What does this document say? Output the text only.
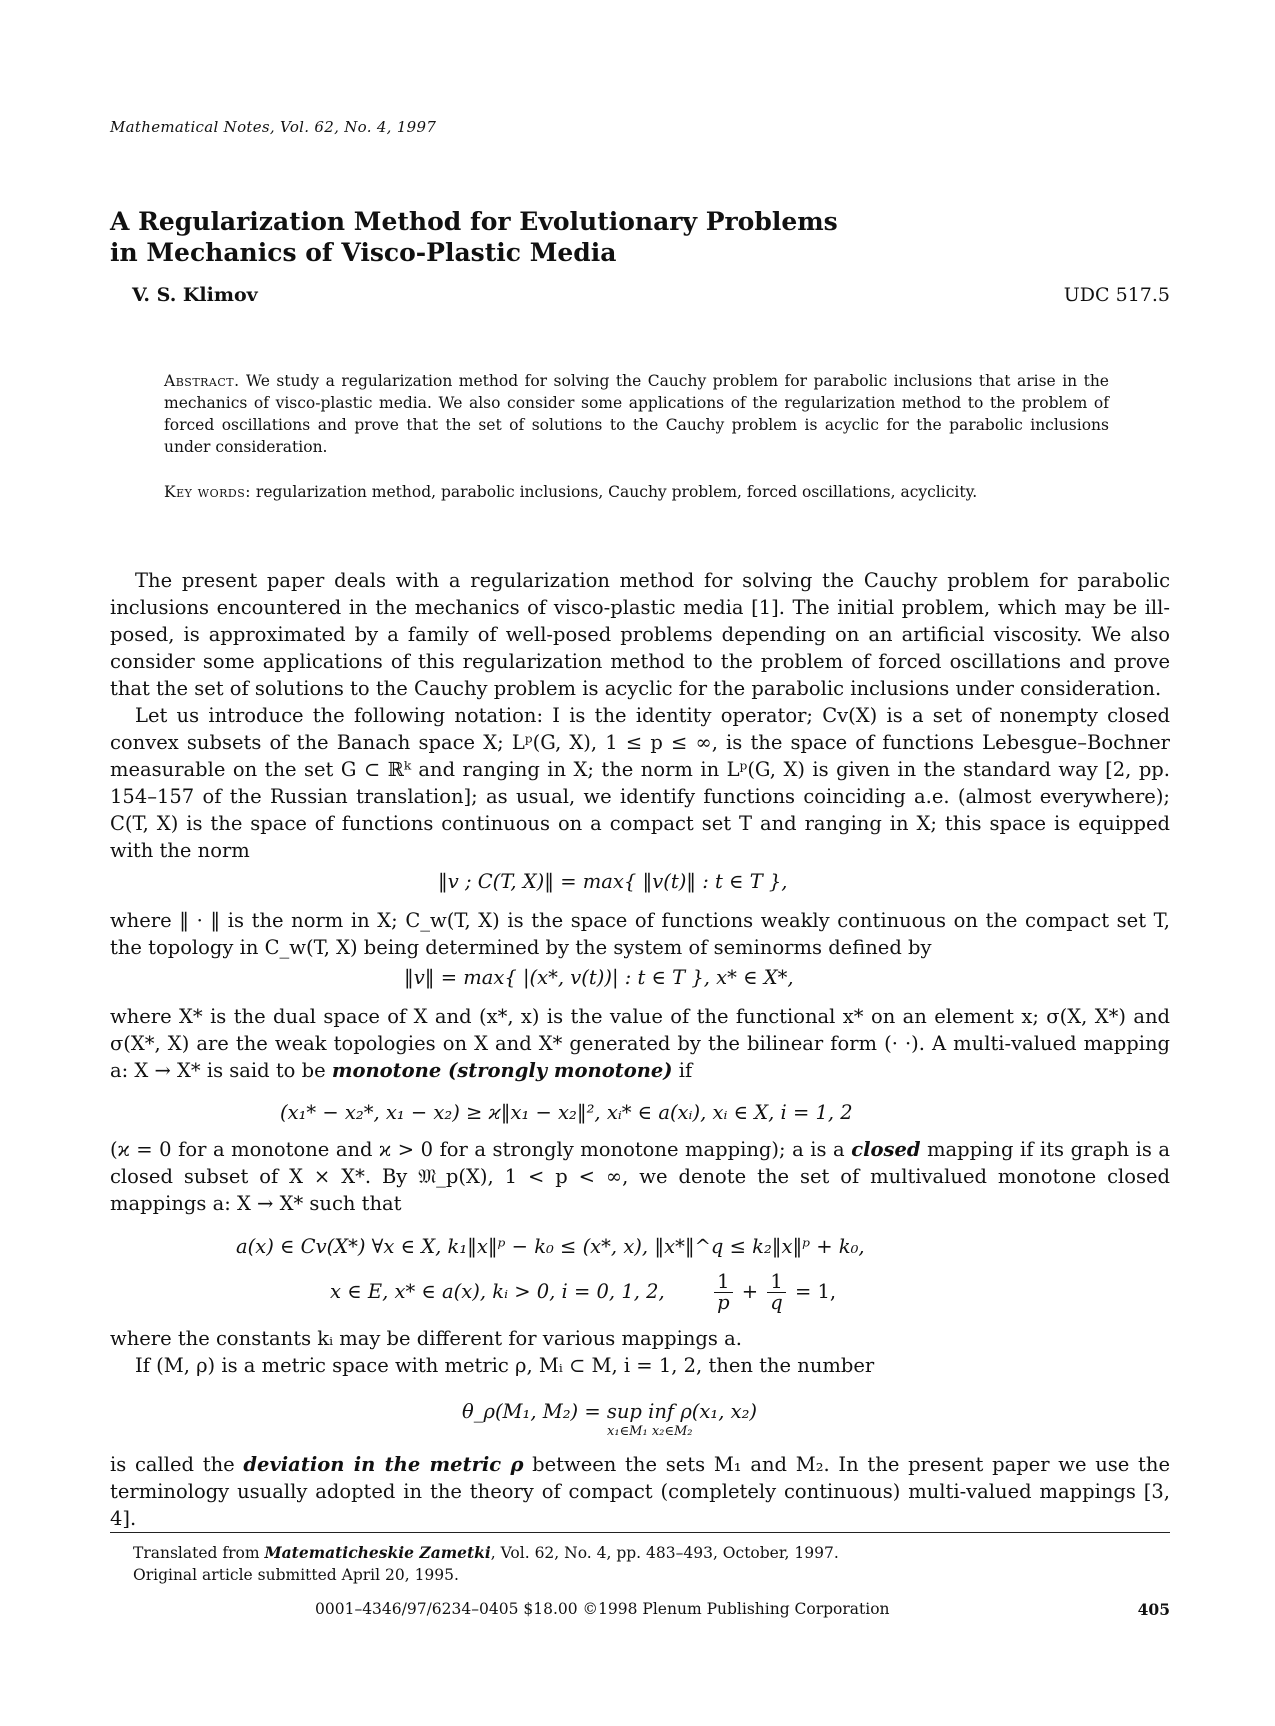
Mathematical Notes, Vol. 62, No. 4, 1997
A Regularization Method for Evolutionary Problems
in Mechanics of Visco-Plastic Media
V. S. Klimov	UDC 517.5
Abstract. We study a regularization method for solving the Cauchy problem for parabolic inclusions that arise in the mechanics of visco-plastic media. We also consider some applications of the regularization method to the problem of forced oscillations and prove that the set of solutions to the Cauchy problem is acyclic for the parabolic inclusions under consideration.
Key words: regularization method, parabolic inclusions, Cauchy problem, forced oscillations, acyclicity.

The present paper deals with a regularization method for solving the Cauchy problem for parabolic inclusions encountered in the mechanics of visco-plastic media [1]. The initial problem, which may be ill-posed, is approximated by a family of well-posed problems depending on an artificial viscosity. We also consider some applications of this regularization method to the problem of forced oscillations and prove that the set of solutions to the Cauchy problem is acyclic for the parabolic inclusions under consideration.

Let us introduce the following notation: I is the identity operator; Cv(X) is a set of nonempty closed convex subsets of the Banach space X; Lᵖ(G, X), 1 ≤ p ≤ ∞, is the space of functions Lebesgue–Bochner measurable on the set G ⊂ ℝᵏ and ranging in X; the norm in Lᵖ(G, X) is given in the standard way [2, pp. 154–157 of the Russian translation]; as usual, we identify functions coinciding a.e. (almost everywhere); C(T, X) is the space of functions continuous on a compact set T and ranging in X; this space is equipped with the norm

‖v ; C(T, X)‖ = max{ ‖v(t)‖ : t ∈ T },

where ‖ · ‖ is the norm in X; C_w(T, X) is the space of functions weakly continuous on the compact set T, the topology in C_w(T, X) being determined by the system of seminorms defined by

‖v‖ = max{ |(x*, v(t))| : t ∈ T }, x* ∈ X*,

where X* is the dual space of X and (x*, x) is the value of the functional x* on an element x; σ(X, X*) and σ(X*, X) are the weak topologies on X and X* generated by the bilinear form (· ·). A multi-valued mapping a: X → X* is said to be monotone (strongly monotone) if

(x₁* − x₂*, x₁ − x₂) ≥ ϰ‖x₁ − x₂‖², xᵢ* ∈ a(xᵢ), xᵢ ∈ X, i = 1, 2

(ϰ = 0 for a monotone and ϰ > 0 for a strongly monotone mapping); a is a closed mapping if its graph is a closed subset of X × X*. By 𝔐_p(X), 1 < p < ∞, we denote the set of multivalued monotone closed mappings a: X → X* such that

a(x) ∈ Cv(X*) ∀x ∈ X, k₁‖x‖ᵖ − k₀ ≤ (x*, x), ‖x*‖^q ≤ k₂‖x‖ᵖ + k₀,
x ∈ E, x* ∈ a(x), kᵢ > 0, i = 0, 1, 2,	$\frac{1}{p} + \frac{1}{q} = 1$,

where the constants kᵢ may be different for various mappings a.

If (M, ρ) is a metric space with metric ρ, Mᵢ ⊂ M, i = 1, 2, then the number

θ_ρ(M₁, M₂) = sup inf ρ(x₁, x₂)
x₁∈M₁ x₂∈M₂

is called the deviation in the metric ρ between the sets M₁ and M₂. In the present paper we use the terminology usually adopted in the theory of compact (completely continuous) multi-valued mappings [3, 4].

Translated from Matematicheskie Zametki, Vol. 62, No. 4, pp. 483–493, October, 1997.
Original article submitted April 20, 1995.
0001–4346/97/6234–0405 $18.00 ©1998 Plenum Publishing Corporation	405
